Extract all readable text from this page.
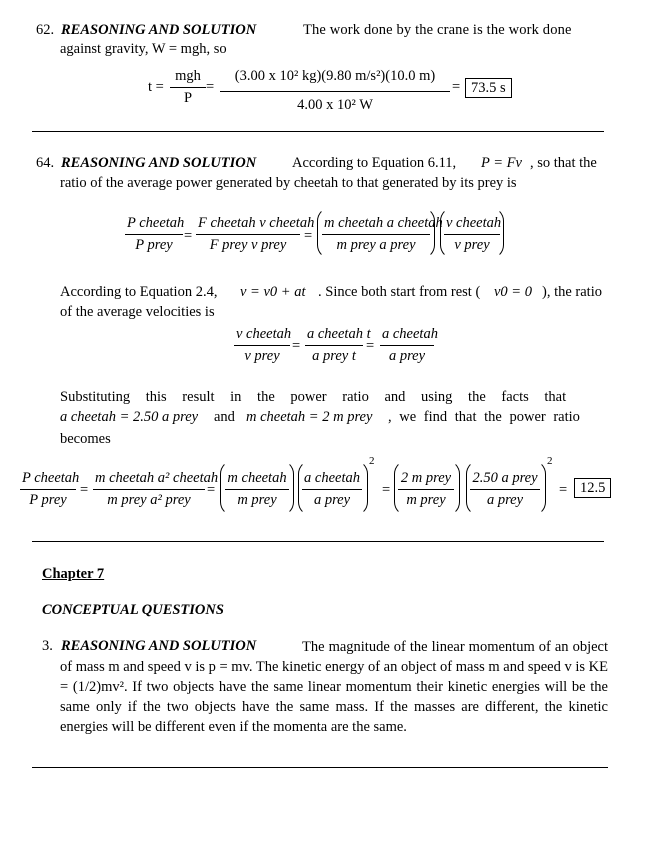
62. REASONING AND SOLUTION	The work done by the crane is the work done
against gravity, W = mgh, so
t =
mgh
P
=
(3.00 x 10² kg)(9.80 m/s²)(10.0 m)
4.00 x 10² W
= 73.5 s
64. REASONING AND SOLUTION According to Equation 6.11, P = Fv , so that the
ratio of the average power generated by cheetah to that generated by its prey is
P cheetah
P prey
=
F cheetah v cheetah
F prey v prey
=
m cheetah a cheetah
m prey a prey
v cheetah
v prey
According to Equation 2.4, v = v0 + at . Since both start from rest ( v0 = 0 ), the ratio
of the average velocities is
v cheetah
v prey
=
a cheetah t
a prey t
=
a cheetah
a prey
Substituting this result in the power ratio and using the facts that
a cheetah = 2.50 a prey and m cheetah = 2 m prey , we find that the power ratio
becomes
P cheetah
P prey
=
m cheetah a² cheetah
m prey a² prey
=
m cheetah
m prey
a cheetah
a prey
2
=
2 m prey
m prey
2.50 a prey
a prey
2
= 12.5
Chapter 7
CONCEPTUAL QUESTIONS
3. REASONING AND SOLUTION	The magnitude of the linear momentum of an object of mass m and speed v is p = mv. The kinetic energy of an object of mass m and speed v is KE = (1/2)mv². If two objects have the same linear momentum their kinetic energies will be the same only if the two objects have the same mass. If the masses are different, the kinetic energies will be different even if the momenta are the same.
